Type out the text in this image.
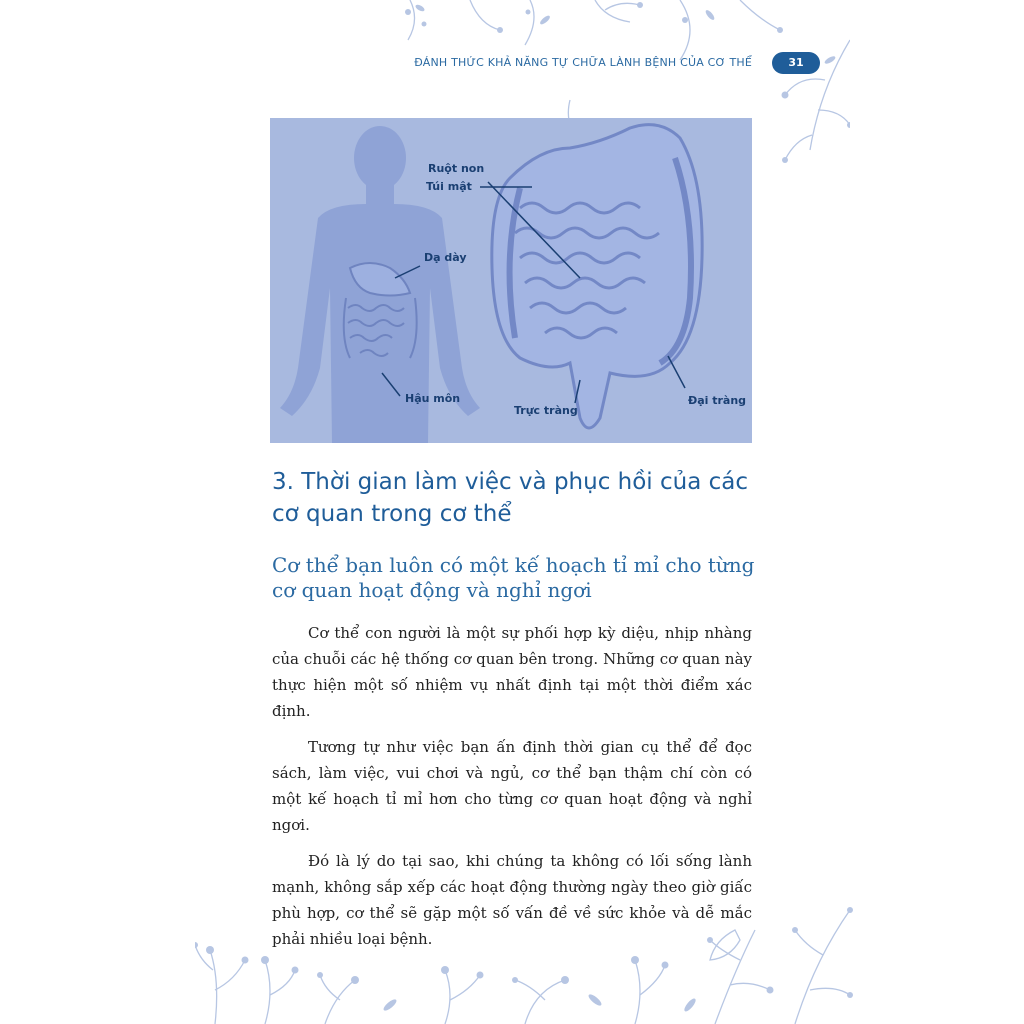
ĐÁNH THỨC KHẢ NĂNG TỰ CHỮA LÀNH BỆNH CỦA CƠ THỂ	31
Ruột non
Túi mật
Dạ dày
Hậu môn
Trực tràng
Đại tràng
3. Thời gian làm việc và phục hồi của các cơ quan trong cơ thể
Cơ thể bạn luôn có một kế hoạch tỉ mỉ cho từng cơ quan hoạt động và nghỉ ngơi

Cơ thể con người là một sự phối hợp kỳ diệu, nhịp nhàng của chuỗi các hệ thống cơ quan bên trong. Những cơ quan này thực hiện một số nhiệm vụ nhất định tại một thời điểm xác định.

Tương tự như việc bạn ấn định thời gian cụ thể để đọc sách, làm việc, vui chơi và ngủ, cơ thể bạn thậm chí còn có một kế hoạch tỉ mỉ hơn cho từng cơ quan hoạt động và nghỉ ngơi.

Đó là lý do tại sao, khi chúng ta không có lối sống lành mạnh, không sắp xếp các hoạt động thường ngày theo giờ giấc phù hợp, cơ thể sẽ gặp một số vấn đề về sức khỏe và dễ mắc phải nhiều loại bệnh.
